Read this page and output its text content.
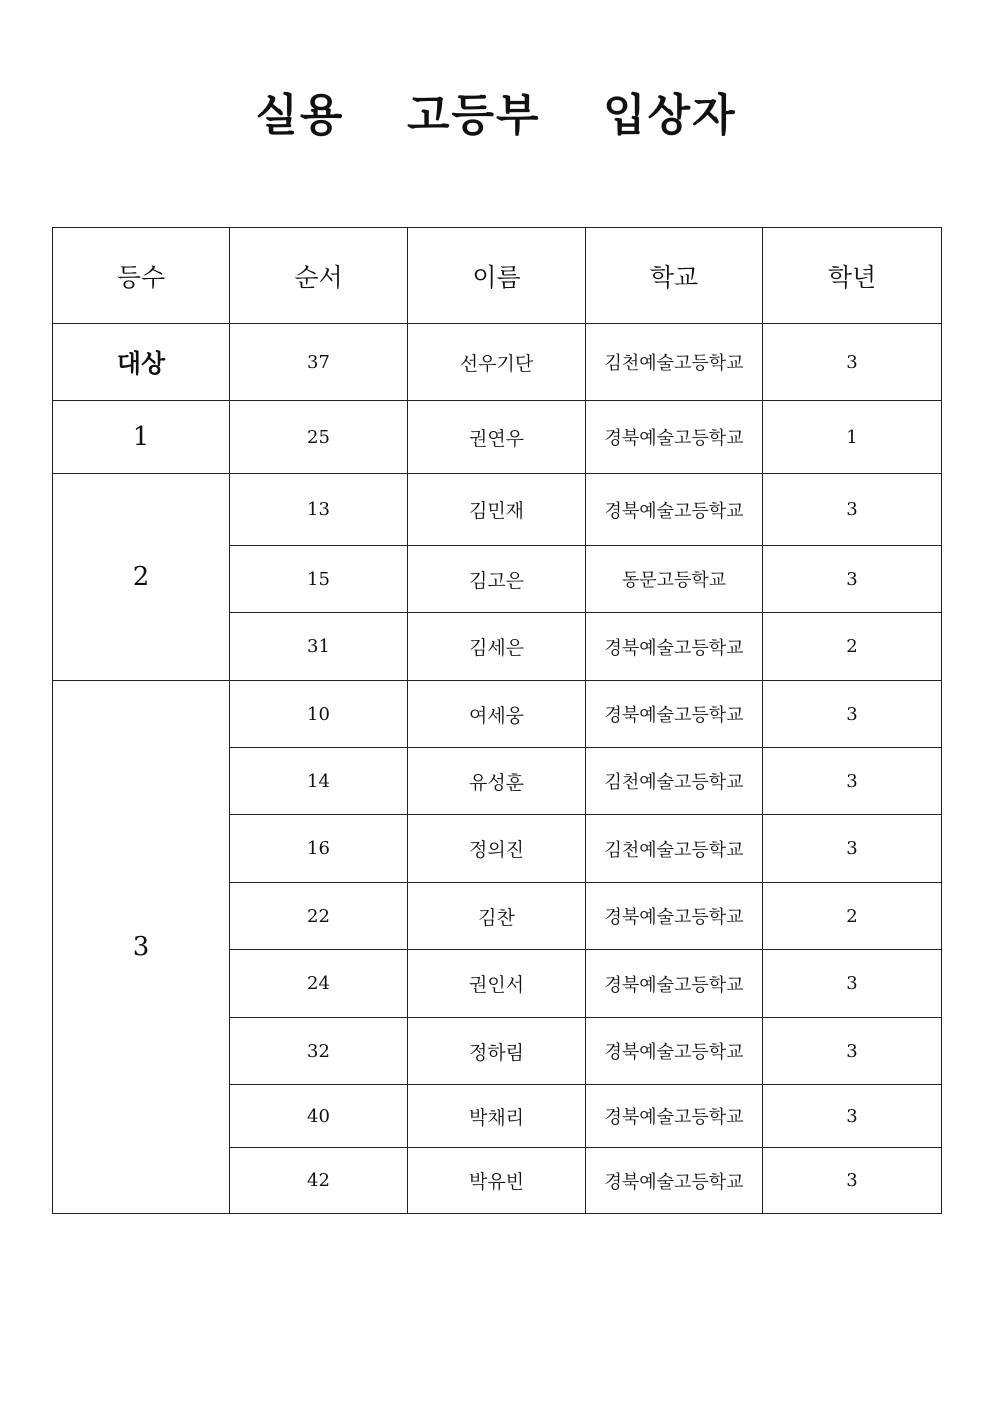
실용  고등부  입상자
등수	순서	이름	학교	학년
대상	37	선우기단	김천예술고등학교	3
1	25	권연우	경북예술고등학교	1
2	13	김민재	경북예술고등학교	3
	15	김고은	동문고등학교	3
	31	김세은	경북예술고등학교	2
3	10	여세웅	경북예술고등학교	3
	14	유성훈	김천예술고등학교	3
	16	정의진	김천예술고등학교	3
	22	김찬	경북예술고등학교	2
	24	권인서	경북예술고등학교	3
	32	정하림	경북예술고등학교	3
	40	박채리	경북예술고등학교	3
	42	박유빈	경북예술고등학교	3
